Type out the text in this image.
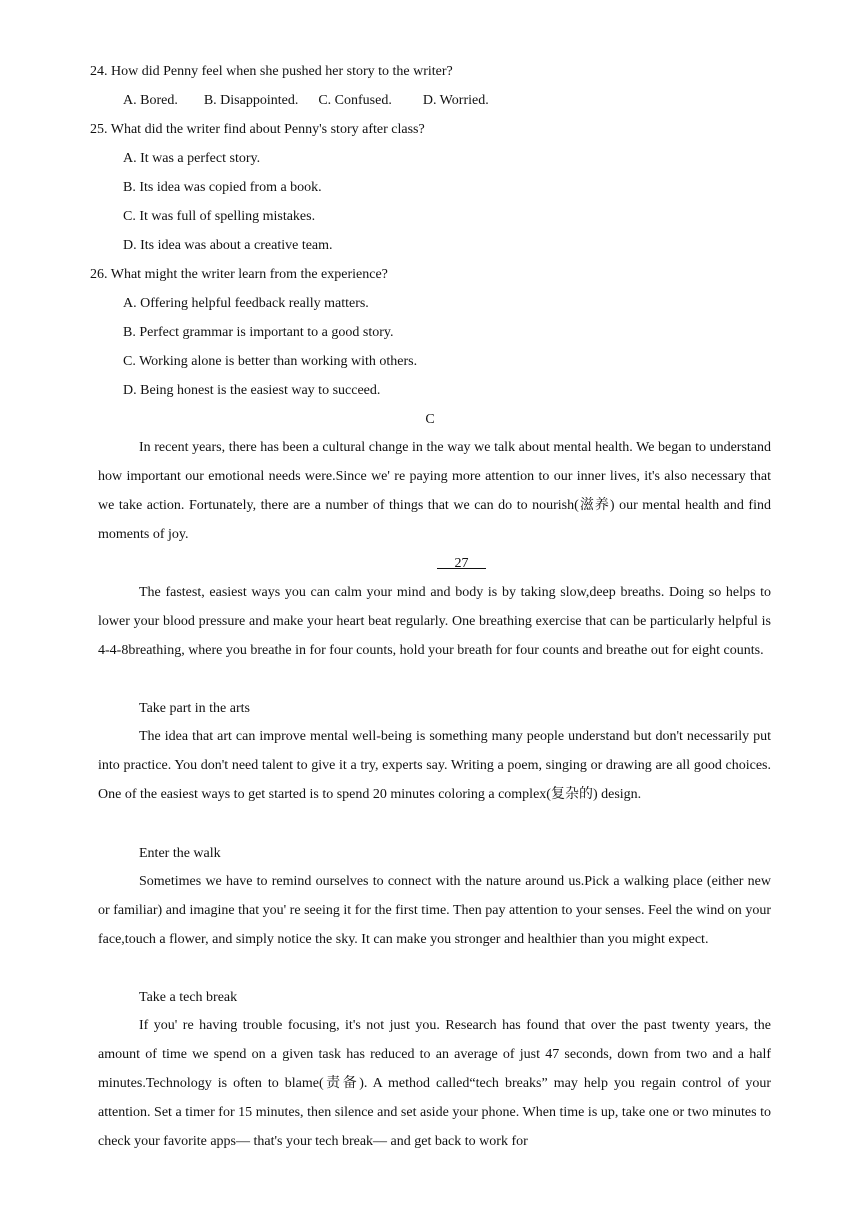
24. How did Penny feel when she pushed her story to the writer?
A. Bored. B. Disappointed. C. Confused. D. Worried.
25. What did the writer find about Penny's story after class?
A. It was a perfect story.
B. Its idea was copied from a book.
C. It was full of spelling mistakes.
D. Its idea was about a creative team.
26. What might the writer learn from the experience?
A. Offering helpful feedback really matters.
B. Perfect grammar is important to a good story.
C. Working alone is better than working with others.
D. Being honest is the easiest way to succeed.
C

In recent years, there has been a cultural change in the way we talk about mental health. We began to understand how important our emotional needs were.Since we' re paying more attention to our inner lives, it's also necessary that we take action. Fortunately, there are a number of things that we can do to nourish(滋养) our mental health and find moments of joy.

27

The fastest, easiest ways you can calm your mind and body is by taking slow,deep breaths. Doing so helps to lower your blood pressure and make your heart beat regularly. One breathing exercise that can be particularly helpful is 4-4-8breathing, where you breathe in for four counts, hold your breath for four counts and breathe out for eight counts.

Take part in the arts

The idea that art can improve mental well-being is something many people understand but don't necessarily put into practice. You don't need talent to give it a try, experts say. Writing a poem, singing or drawing are all good choices. One of the easiest ways to get started is to spend 20 minutes coloring a complex(复杂的) design.

Enter the walk

Sometimes we have to remind ourselves to connect with the nature around us.Pick a walking place (either new or familiar) and imagine that you' re seeing it for the first time. Then pay attention to your senses. Feel the wind on your face,touch a flower, and simply notice the sky. It can make you stronger and healthier than you might expect.

Take a tech break

If you' re having trouble focusing, it's not just you. Research has found that over the past twenty years, the amount of time we spend on a given task has reduced to an average of just 47 seconds, down from two and a half minutes.Technology is often to blame(责备). A method called“tech breaks” may help you regain control of your attention. Set a timer for 15 minutes, then silence and set aside your phone. When time is up, take one or two minutes to check your favorite apps— that's your tech break— and get back to work for
